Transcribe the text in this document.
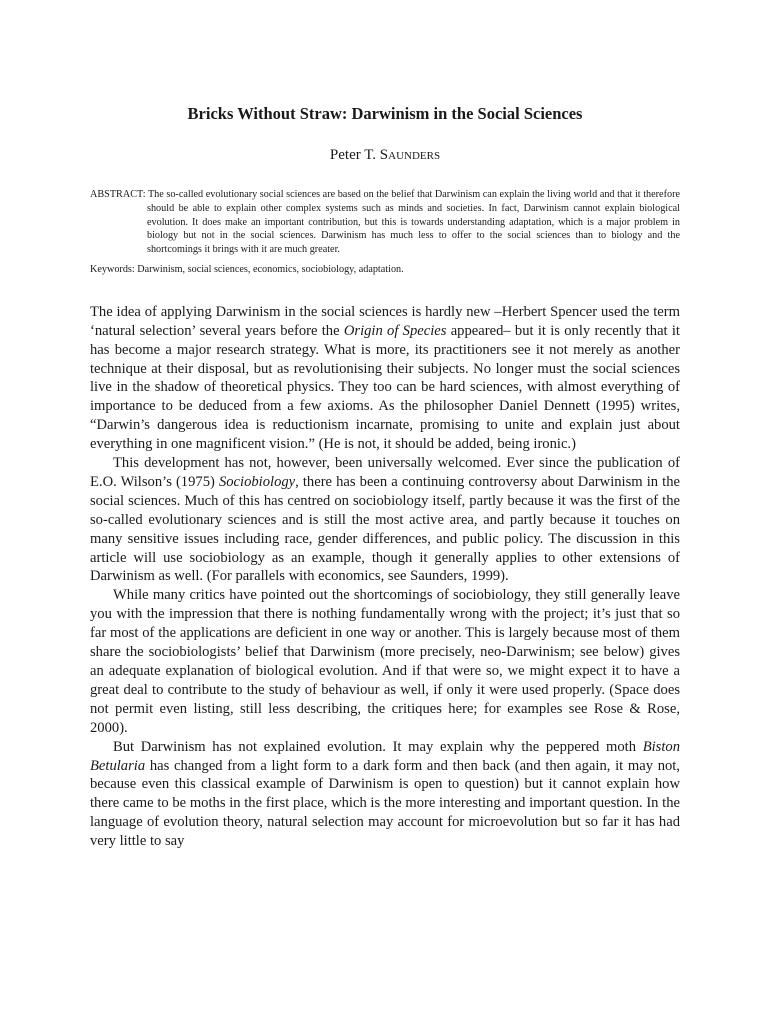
Bricks Without Straw: Darwinism in the Social Sciences
Peter T. Saunders

ABSTRACT: The so-called evolutionary social sciences are based on the belief that Darwinism can explain the living world and that it therefore should be able to explain other complex systems such as minds and societies. In fact, Darwinism cannot explain biological evolution. It does make an important contribution, but this is towards understanding adaptation, which is a major problem in biology but not in the social sciences. Darwinism has much less to offer to the social sciences than to biology and the shortcomings it brings with it are much greater.

Keywords: Darwinism, social sciences, economics, sociobiology, adaptation.

The idea of applying Darwinism in the social sciences is hardly new –Herbert Spencer used the term ‘natural selection’ several years before the Origin of Species appeared– but it is only recently that it has become a major research strategy. What is more, its practitioners see it not merely as another technique at their disposal, but as revolutionising their subjects. No longer must the social sciences live in the shadow of theoretical physics. They too can be hard sciences, with almost everything of importance to be deduced from a few axioms. As the philosopher Daniel Dennett (1995) writes, “Darwin’s dangerous idea is reductionism incarnate, promising to unite and explain just about everything in one magnificent vision.” (He is not, it should be added, being ironic.)

This development has not, however, been universally welcomed. Ever since the publication of E.O. Wilson’s (1975) Sociobiology, there has been a continuing controversy about Darwinism in the social sciences. Much of this has centred on sociobiology itself, partly because it was the first of the so-called evolutionary sciences and is still the most active area, and partly because it touches on many sensitive issues including race, gender differences, and public policy. The discussion in this article will use sociobiology as an example, though it generally applies to other extensions of Darwinism as well. (For parallels with economics, see Saunders, 1999).

While many critics have pointed out the shortcomings of sociobiology, they still generally leave you with the impression that there is nothing fundamentally wrong with the project; it’s just that so far most of the applications are deficient in one way or another. This is largely because most of them share the sociobiologists’ belief that Darwinism (more precisely, neo-Darwinism; see below) gives an adequate explanation of biological evolution. And if that were so, we might expect it to have a great deal to contribute to the study of behaviour as well, if only it were used properly. (Space does not permit even listing, still less describing, the critiques here; for examples see Rose & Rose, 2000).

But Darwinism has not explained evolution. It may explain why the peppered moth Biston Betularia has changed from a light form to a dark form and then back (and then again, it may not, because even this classical example of Darwinism is open to question) but it cannot explain how there came to be moths in the first place, which is the more interesting and important question. In the language of evolution theory, natural selection may account for microevolution but so far it has had very little to say
